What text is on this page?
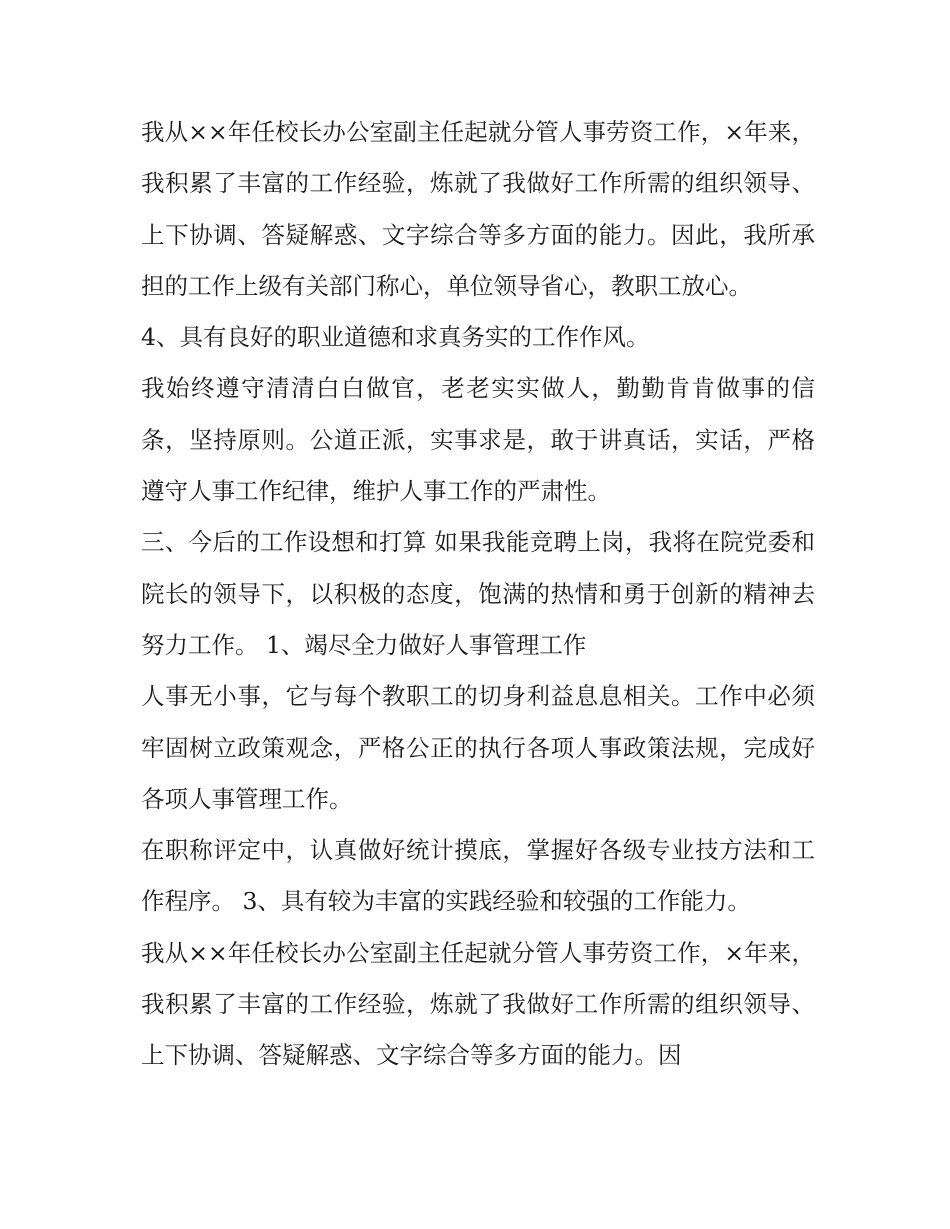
我从××年任校长办公室副主任起就分管人事劳资工作，×年来，我积累了丰富的工作经验，炼就了我做好工作所需的组织领导、上下协调、答疑解惑、文字综合等多方面的能力。因此，我所承担的工作上级有关部门称心，单位领导省心，教职工放心。

4、具有良好的职业道德和求真务实的工作作风。

我始终遵守清清白白做官，老老实实做人，勤勤肯肯做事的信条，坚持原则。公道正派，实事求是，敢于讲真话，实话，严格遵守人事工作纪律，维护人事工作的严肃性。

三、今后的工作设想和打算 如果我能竞聘上岗，我将在院党委和院长的领导下，以积极的态度，饱满的热情和勇于创新的精神去努力工作。 1、竭尽全力做好人事管理工作

人事无小事，它与每个教职工的切身利益息息相关。工作中必须牢固树立政策观念，严格公正的执行各项人事政策法规，完成好各项人事管理工作。

在职称评定中，认真做好统计摸底，掌握好各级专业技方法和工作程序。 3、具有较为丰富的实践经验和较强的工作能力。

我从××年任校长办公室副主任起就分管人事劳资工作，×年来，我积累了丰富的工作经验，炼就了我做好工作所需的组织领导、上下协调、答疑解惑、文字综合等多方面的能力。因
